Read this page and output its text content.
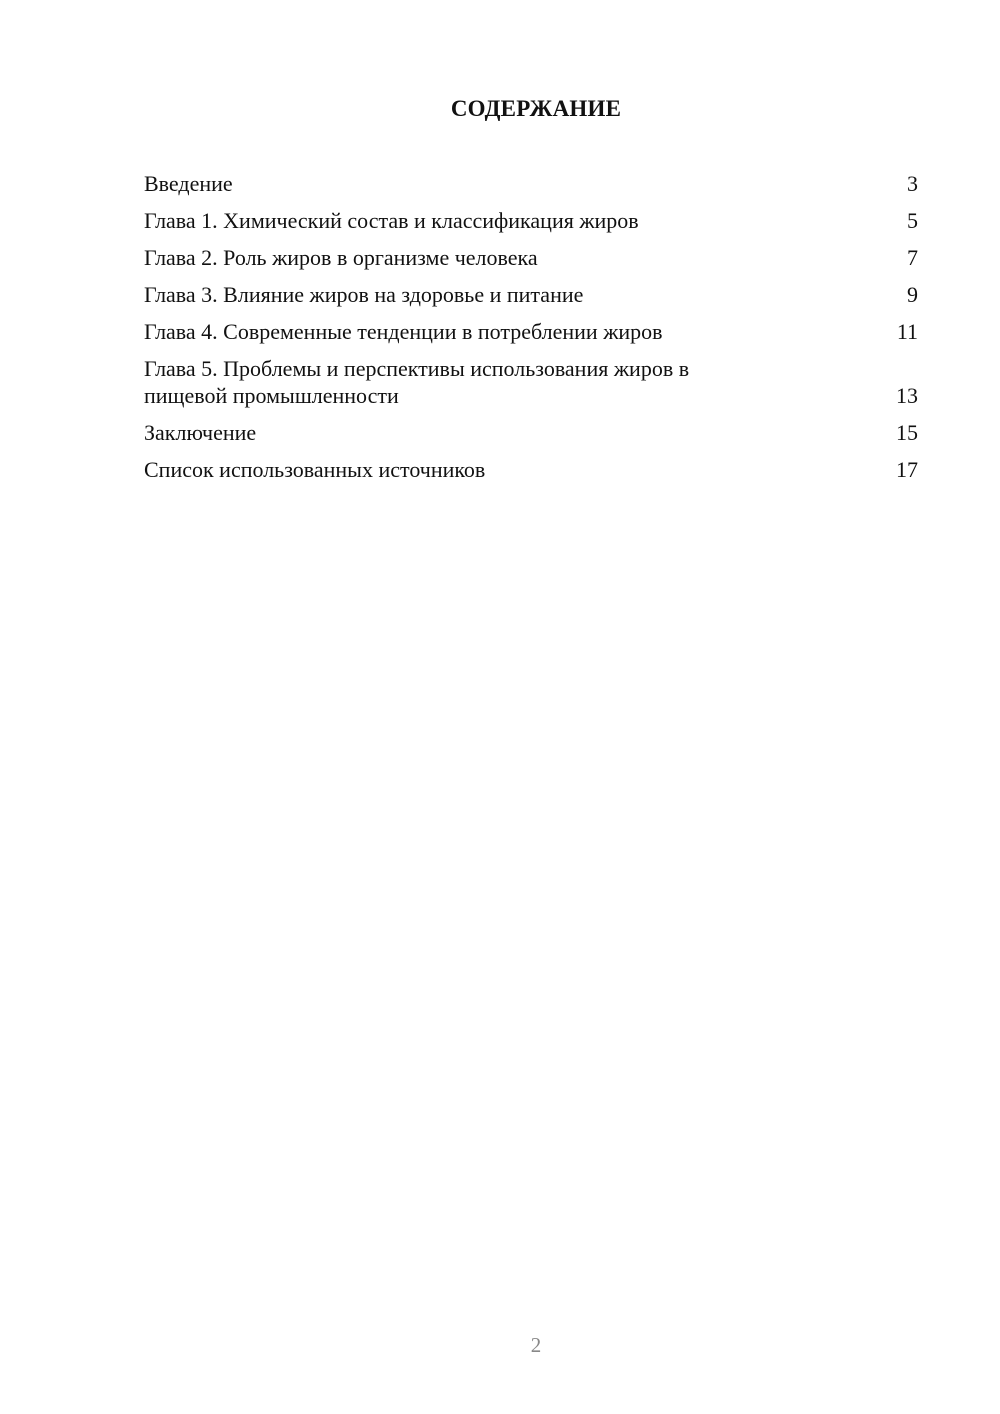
СОДЕРЖАНИЕ
Введение	3
Глава 1. Химический состав и классификация жиров	5
Глава 2. Роль жиров в организме человека	7
Глава 3. Влияние жиров на здоровье и питание	9
Глава 4. Современные тенденции в потреблении жиров	11
Глава 5. Проблемы и перспективы использования жиров в пищевой промышленности	13
Заключение	15
Список использованных источников	17
2
